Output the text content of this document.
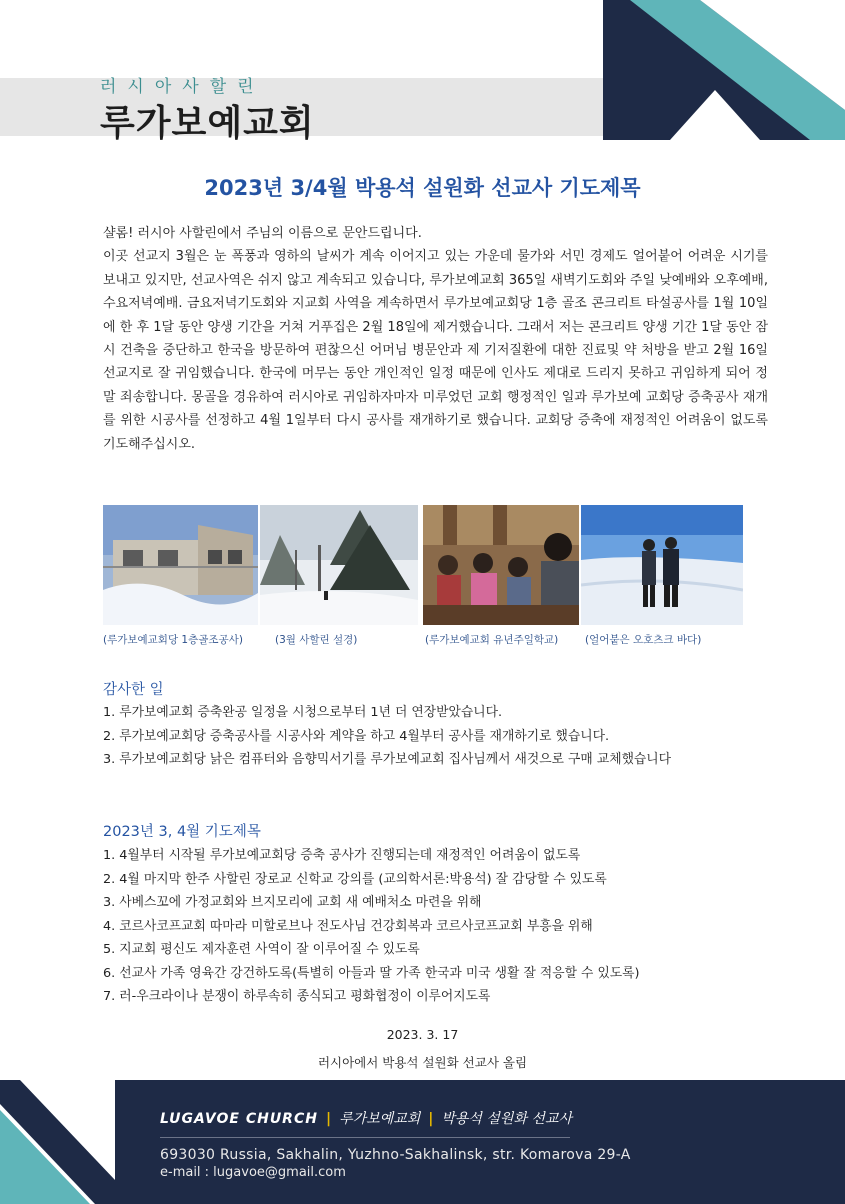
러시아사할린
루가보예교회
2023년 3/4월 박용석 설원화 선교사 기도제목

샬롬! 러시아 사할린에서 주님의 이름으로 문안드립니다.

이곳 선교지 3월은 눈 폭풍과 영하의 날씨가 계속 이어지고 있는 가운데 물가와 서민 경제도 얼어붙어 어려운 시기를 보내고 있지만, 선교사역은 쉬지 않고 계속되고 있습니다, 루가보예교회 365일 새벽기도회와 주일 낮예배와 오후예배, 수요저녁예배. 금요저녁기도회와 지교회 사역을 계속하면서 루가보예교회당 1층 골조 콘크리트 타설공사를 1월 10일에 한 후 1달 동안 양생 기간을 거쳐 거푸집은 2월 18일에 제거했습니다. 그래서 저는 콘크리트 양생 기간 1달 동안 잠시 건축을 중단하고 한국을 방문하여 편찮으신 어머님 병문안과 제 기저질환에 대한 진료및 약 처방을 받고 2월 16일 선교지로 잘 귀임했습니다. 한국에 머무는 동안 개인적인 일정 때문에 인사도 제대로 드리지 못하고 귀임하게 되어 정말 죄송합니다. 몽골을 경유하여 러시아로 귀임하자마자 미루었던 교회 행정적인 일과 루가보예 교회당 증축공사 재개를 위한 시공사를 선정하고 4월 1일부터 다시 공사를 재개하기로 했습니다. 교회당 증축에 재정적인 어려움이 없도록 기도해주십시오.

(루가보예교회당 1층골조공사)	(3월 사할린 설경)	(루가보예교회 유년주일학교)	(얼어붙은 오호츠크 바다)
감사한 일
1. 루가보예교회 증축완공 일정을 시청으로부터 1년 더 연장받았습니다.
2. 루가보예교회당 증축공사를 시공사와 계약을 하고 4월부터 공사를 재개하기로 했습니다.
3. 루가보예교회당 낡은 컴퓨터와 음향믹서기를 루가보예교회 집사님께서 새것으로 구매 교체했습니다
2023년 3, 4월 기도제목
1. 4월부터 시작될 루가보예교회당 증축 공사가 진행되는데 재정적인 어려움이 없도록
2. 4월 마지막 한주 사할린 장로교 신학교 강의를 (교의학서론:박용석) 잘 감당할 수 있도록
3. 사베스꼬에 가정교회와 브지모리에 교회 새 예배처소 마련을 위해
4. 코르사코프교회 따마라 미할로브나 전도사님 건강회복과 코르사코프교회 부흥을 위해
5. 지교회 평신도 제자훈련 사역이 잘 이루어질 수 있도록
6. 선교사 가족 영육간 강건하도록(특별히 아들과 딸 가족 한국과 미국 생활 잘 적응할 수 있도록)
7. 러-우크라이나 분쟁이 하루속히 종식되고 평화협정이 이루어지도록
2023. 3. 17
러시아에서 박용석 설원화 선교사 올림
LUGAVOE CHURCH | 루가보예교회 | 박용석 설원화 선교사
693030 Russia, Sakhalin, Yuzhno-Sakhalinsk, str. Komarova 29-A
e-mail : lugavoe@gmail.com
